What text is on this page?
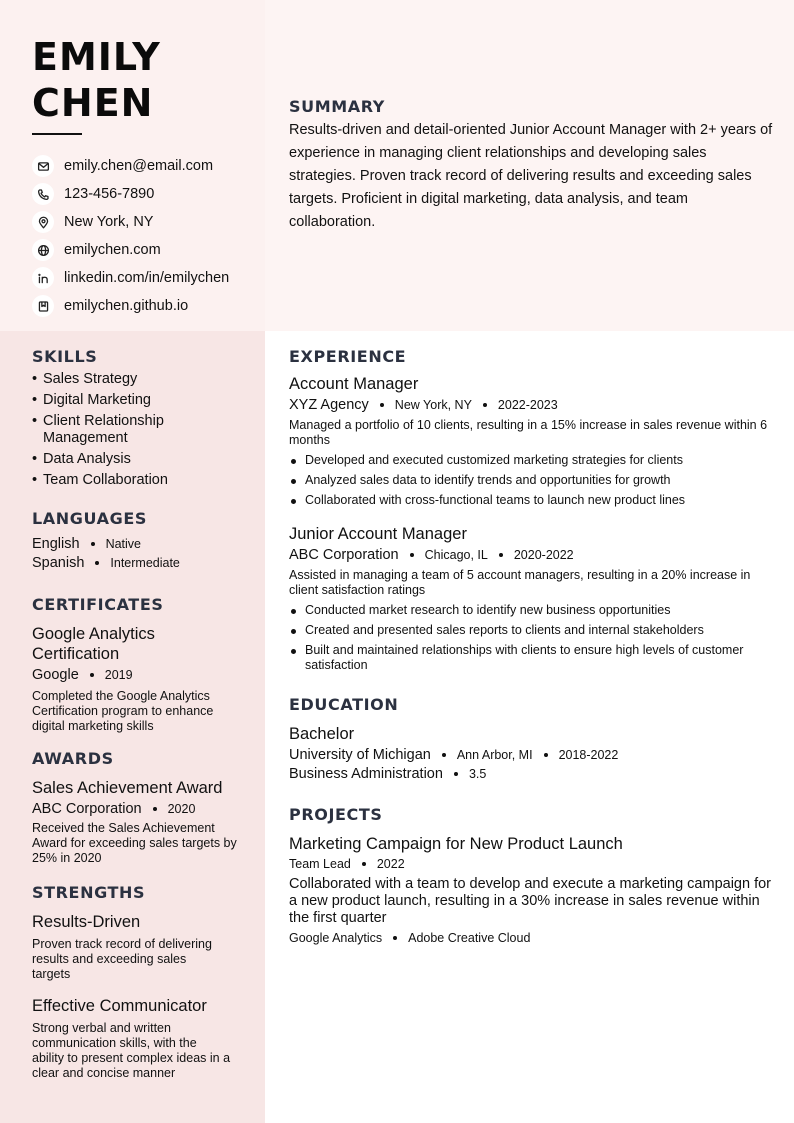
EMILY
CHEN
emily.chen@email.com
123-456-7890
New York, NY
emilychen.com
linkedin.com/in/emilychen
emilychen.github.io
SUMMARY
Results-driven and detail-oriented Junior Account Manager with 2+ years of experience in managing client relationships and developing sales strategies. Proven track record of delivering results and exceeding sales targets. Proficient in digital marketing, data analysis, and team collaboration.
SKILLS
• Sales Strategy
• Digital Marketing
• Client Relationship Management
• Data Analysis
• Team Collaboration
LANGUAGES
English Native
Spanish Intermediate
CERTIFICATES
Google Analytics Certification
Google 2019
Completed the Google Analytics Certification program to enhance digital marketing skills
AWARDS
Sales Achievement Award
ABC Corporation 2020
Received the Sales Achievement Award for exceeding sales targets by 25% in 2020
STRENGTHS
Results-Driven
Proven track record of delivering results and exceeding sales targets
Effective Communicator
Strong verbal and written communication skills, with the ability to present complex ideas in a clear and concise manner
EXPERIENCE
Account Manager
XYZ Agency New York, NY 2022-2023
Managed a portfolio of 10 clients, resulting in a 15% increase in sales revenue within 6 months
Developed and executed customized marketing strategies for clients
Analyzed sales data to identify trends and opportunities for growth
Collaborated with cross-functional teams to launch new product lines
Junior Account Manager
ABC Corporation Chicago, IL 2020-2022
Assisted in managing a team of 5 account managers, resulting in a 20% increase in client satisfaction ratings
Conducted market research to identify new business opportunities
Created and presented sales reports to clients and internal stakeholders
Built and maintained relationships with clients to ensure high levels of customer satisfaction
EDUCATION
Bachelor
University of Michigan Ann Arbor, MI 2018-2022
Business Administration 3.5
PROJECTS
Marketing Campaign for New Product Launch
Team Lead 2022
Collaborated with a team to develop and execute a marketing campaign for a new product launch, resulting in a 30% increase in sales revenue within the first quarter
Google Analytics Adobe Creative Cloud
